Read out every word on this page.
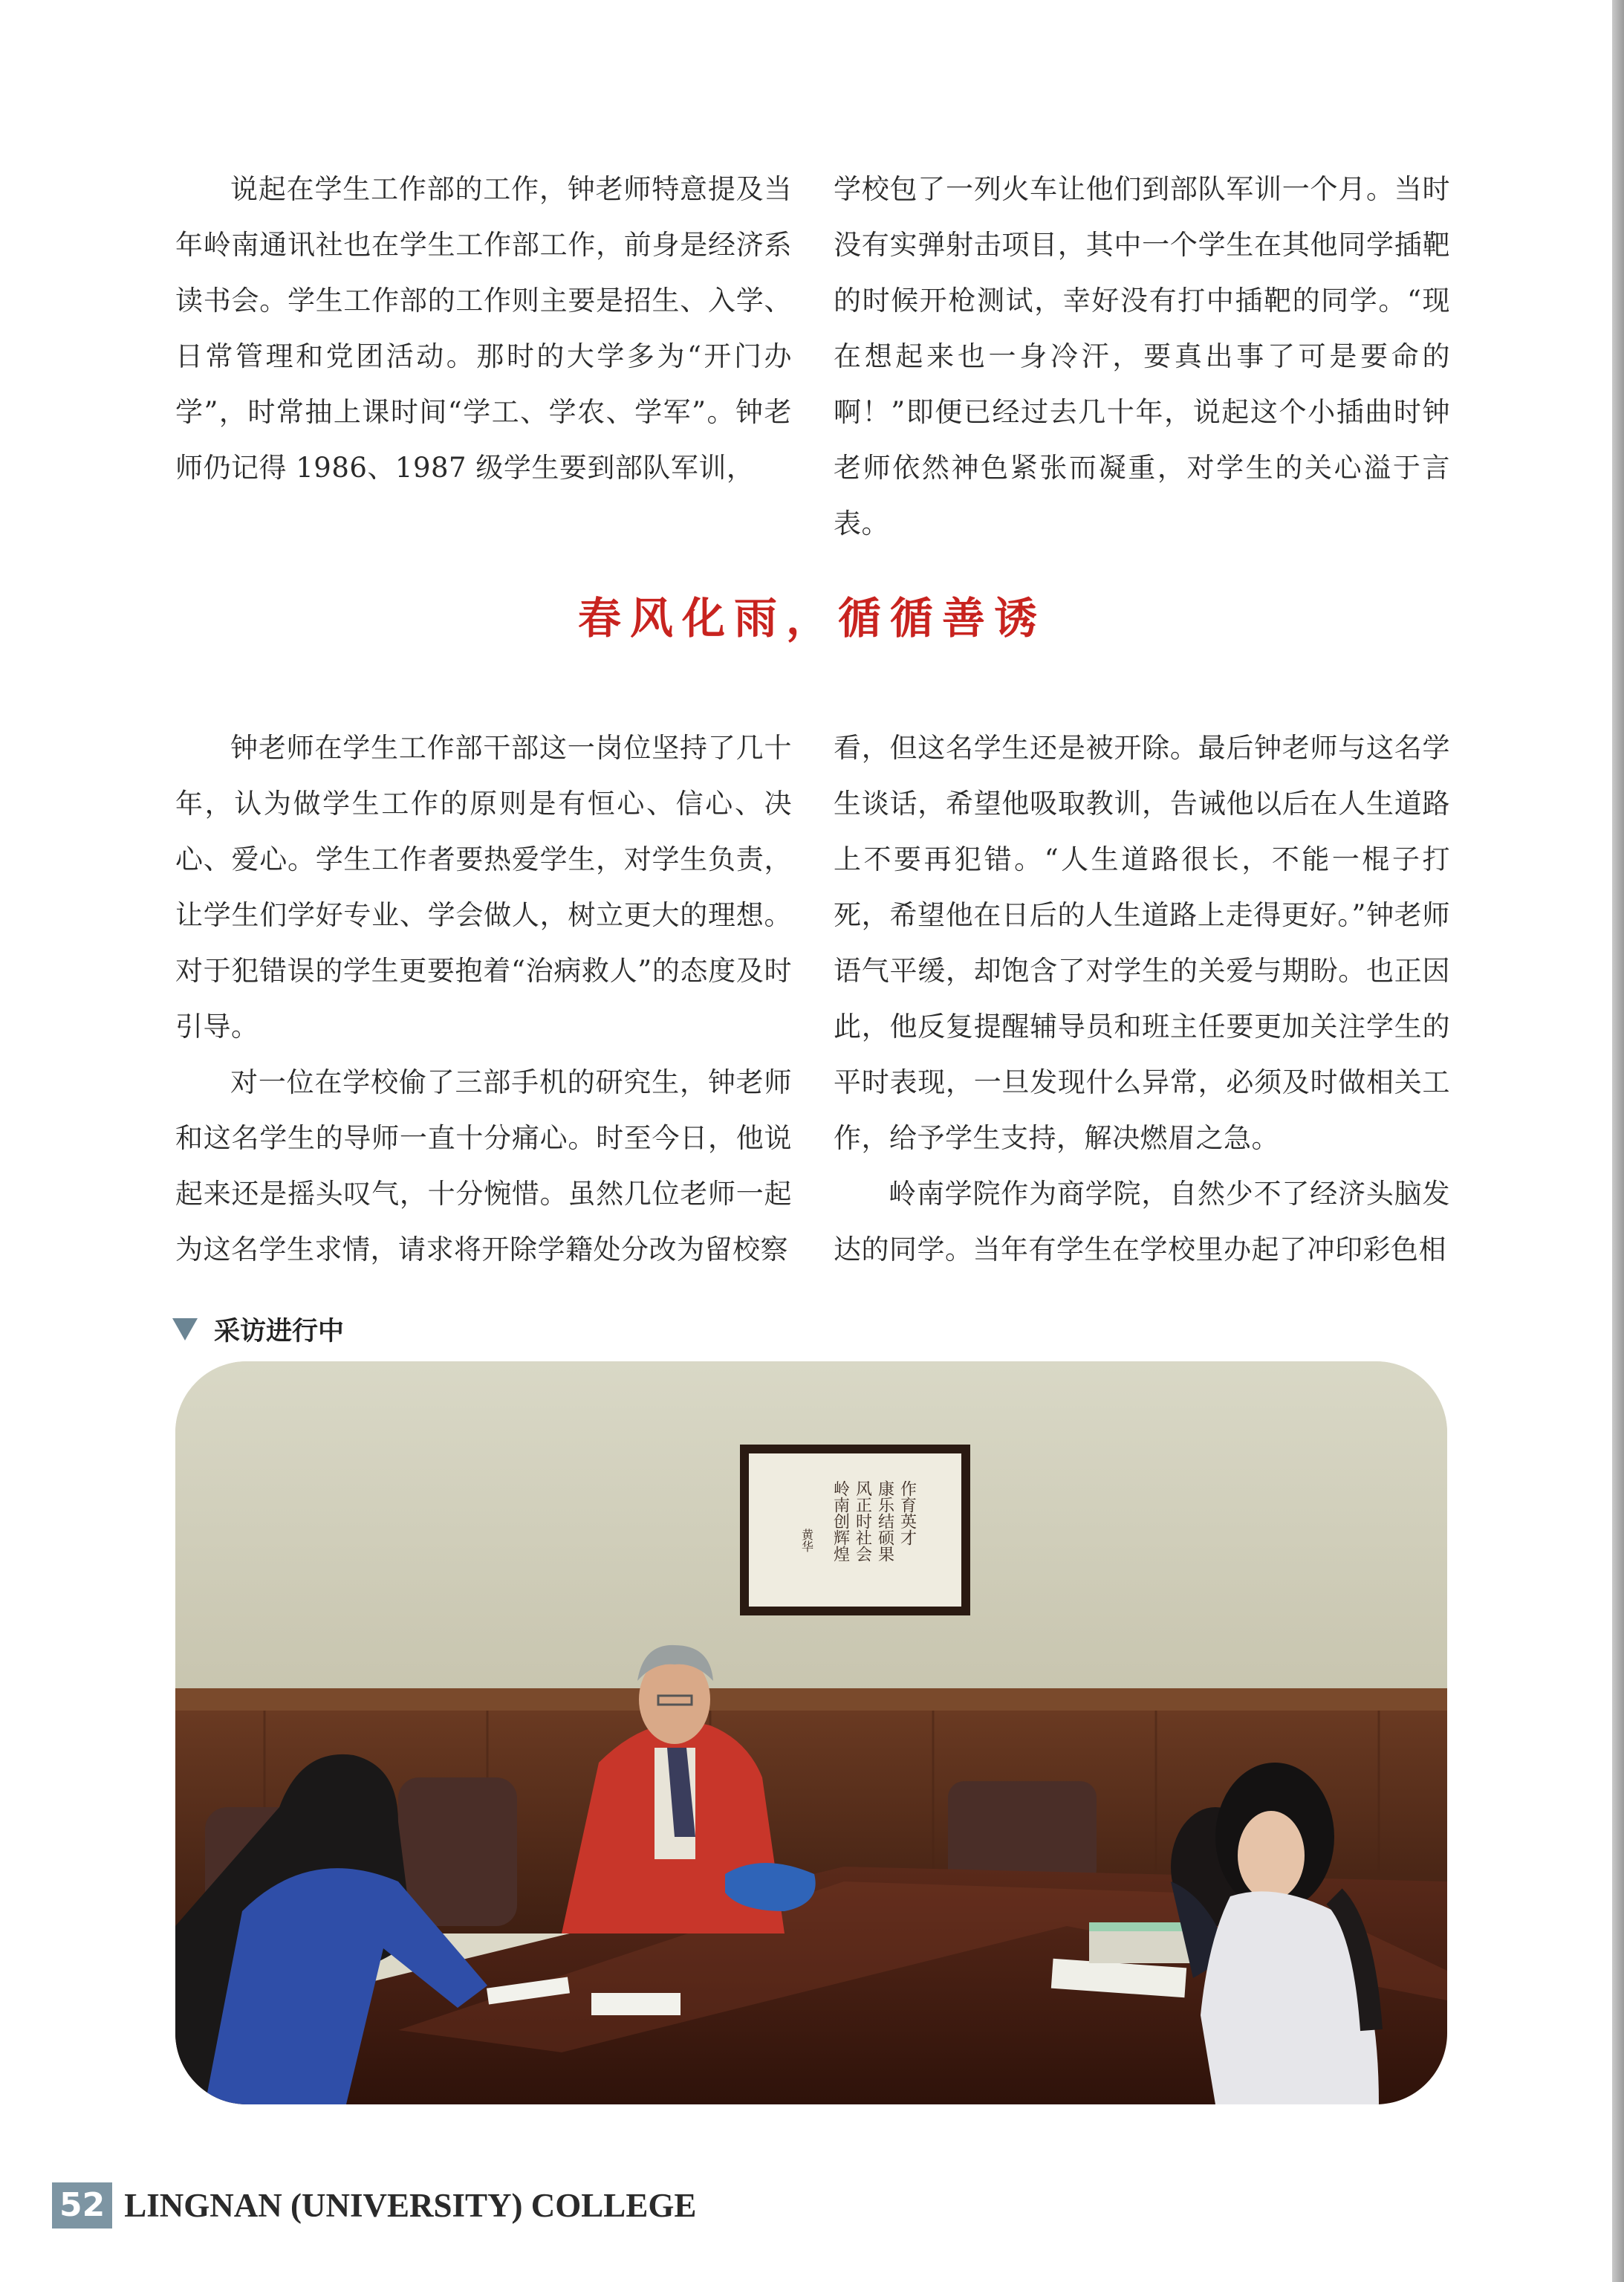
说起在学生工作部的工作，钟老师特意提及当年岭南通讯社也在学生工作部工作，前身是经济系读书会。学生工作部的工作则主要是招生、入学、日常管理和党团活动。那时的大学多为“开门办学”，时常抽上课时间“学工、学农、学军”。钟老师仍记得 1986、1987 级学生要到部队军训，

学校包了一列火车让他们到部队军训一个月。当时没有实弹射击项目，其中一个学生在其他同学插靶的时候开枪测试，幸好没有打中插靶的同学。“现在想起来也一身冷汗，要真出事了可是要命的啊！”即便已经过去几十年，说起这个小插曲时钟老师依然神色紧张而凝重，对学生的关心溢于言表。

春风化雨，循循善诱

钟老师在学生工作部干部这一岗位坚持了几十年，认为做学生工作的原则是有恒心、信心、决心、爱心。学生工作者要热爱学生，对学生负责，让学生们学好专业、学会做人，树立更大的理想。对于犯错误的学生更要抱着“治病救人”的态度及时引导。

对一位在学校偷了三部手机的研究生，钟老师和这名学生的导师一直十分痛心。时至今日，他说起来还是摇头叹气，十分惋惜。虽然几位老师一起为这名学生求情，请求将开除学籍处分改为留校察

看，但这名学生还是被开除。最后钟老师与这名学生谈话，希望他吸取教训，告诫他以后在人生道路上不要再犯错。“人生道路很长，不能一棍子打死，希望他在日后的人生道路上走得更好。”钟老师语气平缓，却饱含了对学生的关爱与期盼。也正因此，他反复提醒辅导员和班主任要更加关注学生的平时表现，一旦发现什么异常，必须及时做相关工作，给予学生支持，解决燃眉之急。

岭南学院作为商学院，自然少不了经济头脑发达的同学。当年有学生在学校里办起了冲印彩色相

采访进行中
作育英才
康乐结硕果
风正时社会
岭南创辉煌
黄华
52 LINGNAN (UNIVERSITY) COLLEGE
